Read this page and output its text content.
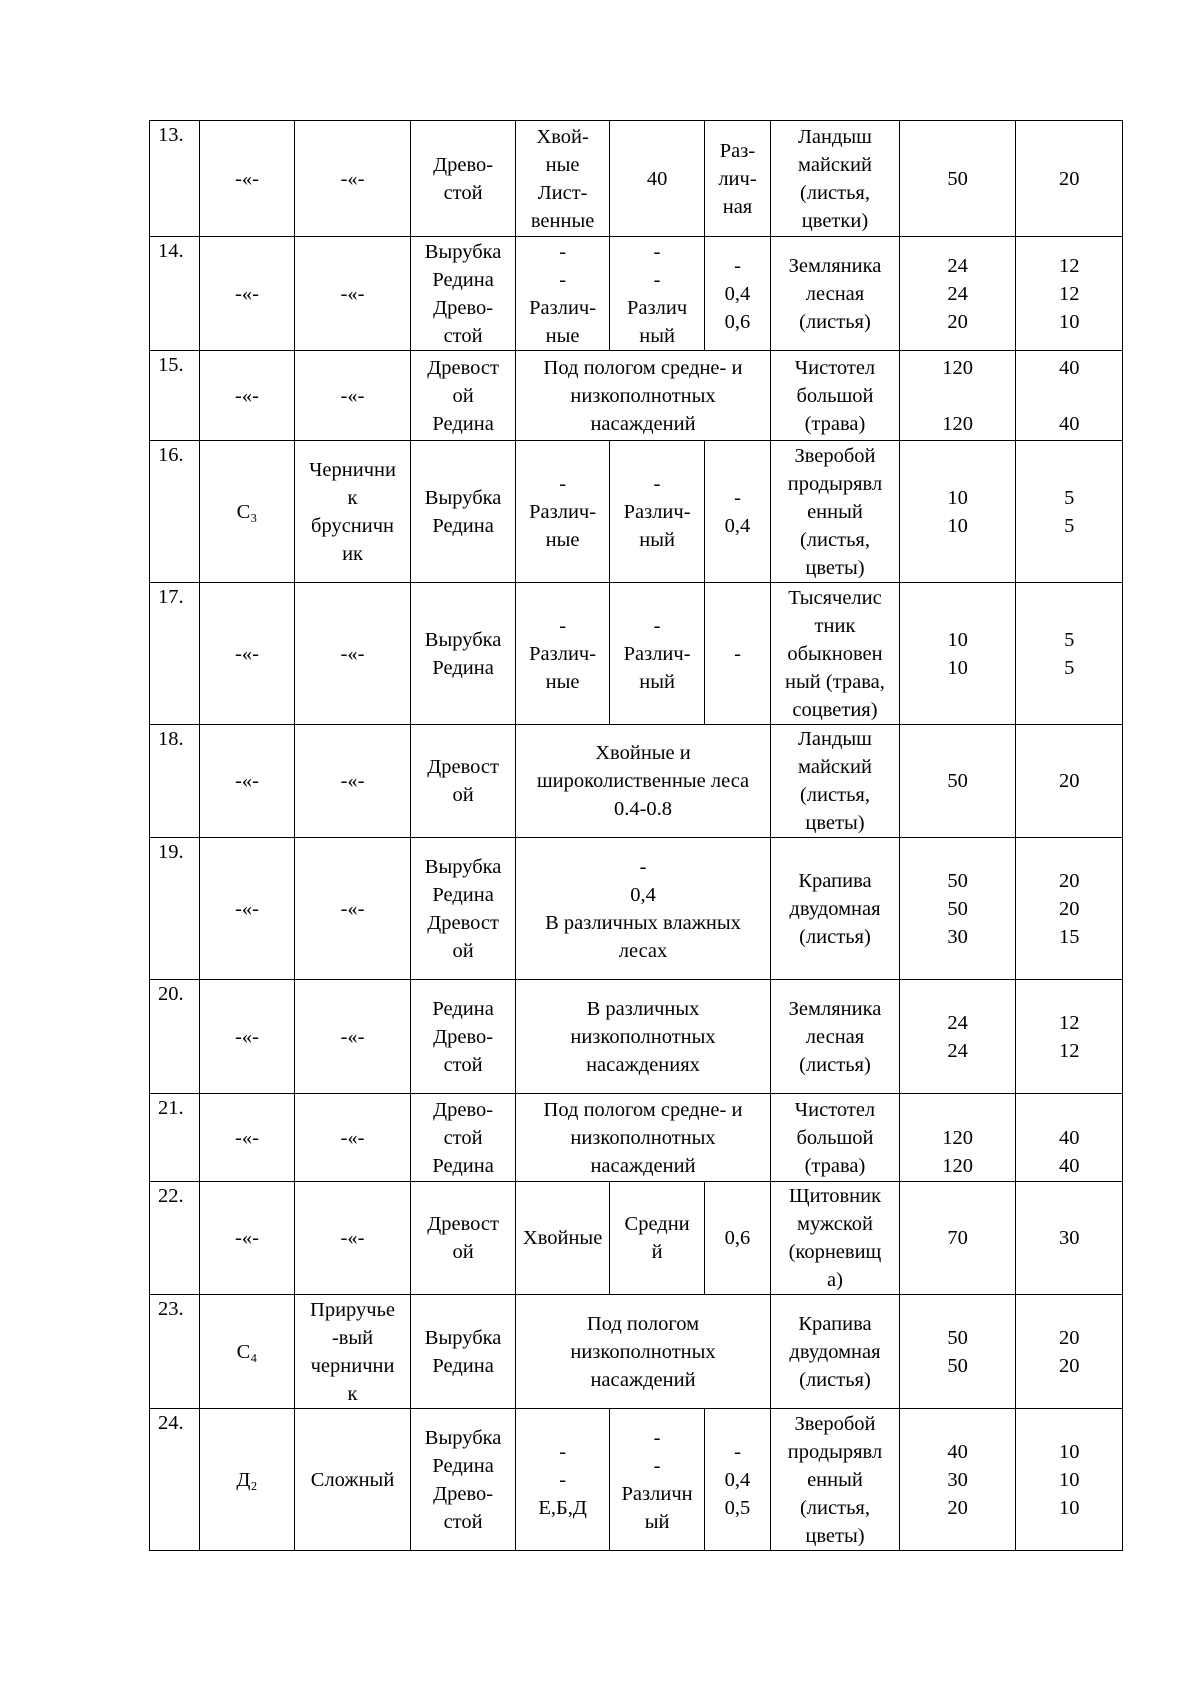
13.	-«-	-«-	Древо-
стой	Хвой-
ные
Лист-
венные	40	Раз-
лич-
ная	Ландыш
майский
(листья,
цветки)	50	20

14.	-«-	-«-	Вырубка
Редина
Древо-
стой	-
-
Различ-
ные	-
-
Различ
ный	-
0,4
0,6	Земляника
лесная
(листья)	24
24
20	12
12
10

15.	-«-	-«-	Древост
ой
Редина	Под пологом средне- и
низкополнотных
насаждений			Чистотел
большой
(трава)	120
120	40
40

16.	С₃	Чернични
к
брусничн
ик	Вырубка
Редина	-
Различ-
ные	-
Различ-
ный	-
0,4	Зверобой
продырявл
енный
(листья,
цветы)	10
10	5
5

17.	-«-	-«-	Вырубка
Редина	-
Различ-
ные	-
Различ-
ный	-	Тысячелис
тник
обыкновен
ный (трава,
соцветия)	10
10	5
5

18.	-«-	-«-	Древост
ой	Хвойные и
широколиственные леса
0.4-0.8			Ландыш
майский
(листья,
цветы)	50	20

19.	-«-	-«-	Вырубка
Редина
Древост
ой	-
0,4
В различных влажных
лесах			Крапива
двудомная
(листья)	50
50
30	20
20
15

20.	-«-	-«-	Редина
Древо-
стой	В различных
низкополнотных
насаждениях			Земляника
лесная
(листья)	24
24	12
12

21.	-«-	-«-	Древо-
стой
Редина	Под пологом средне- и
низкополнотных
насаждений			Чистотел
большой
(трава)	120
120	40
40

22.	-«-	-«-	Древост
ой	Хвойные	Средни
й	0,6	Щитовник
мужской
(корневищ
а)	70	30

23.	С₄	Приручье
-вый
чернични
к	Вырубка
Редина	Под пологом
низкополнотных
насаждений			Крапива
двудомная
(листья)	50
50	20
20

24.	Д₂	Сложный	Вырубка
Редина
Древо-
стой	-
-
Е,Б,Д	-
-
Различн
ый	-
0,4
0,5	Зверобой
продырявл
енный
(листья,
цветы)	40
30
20	10
10
10
